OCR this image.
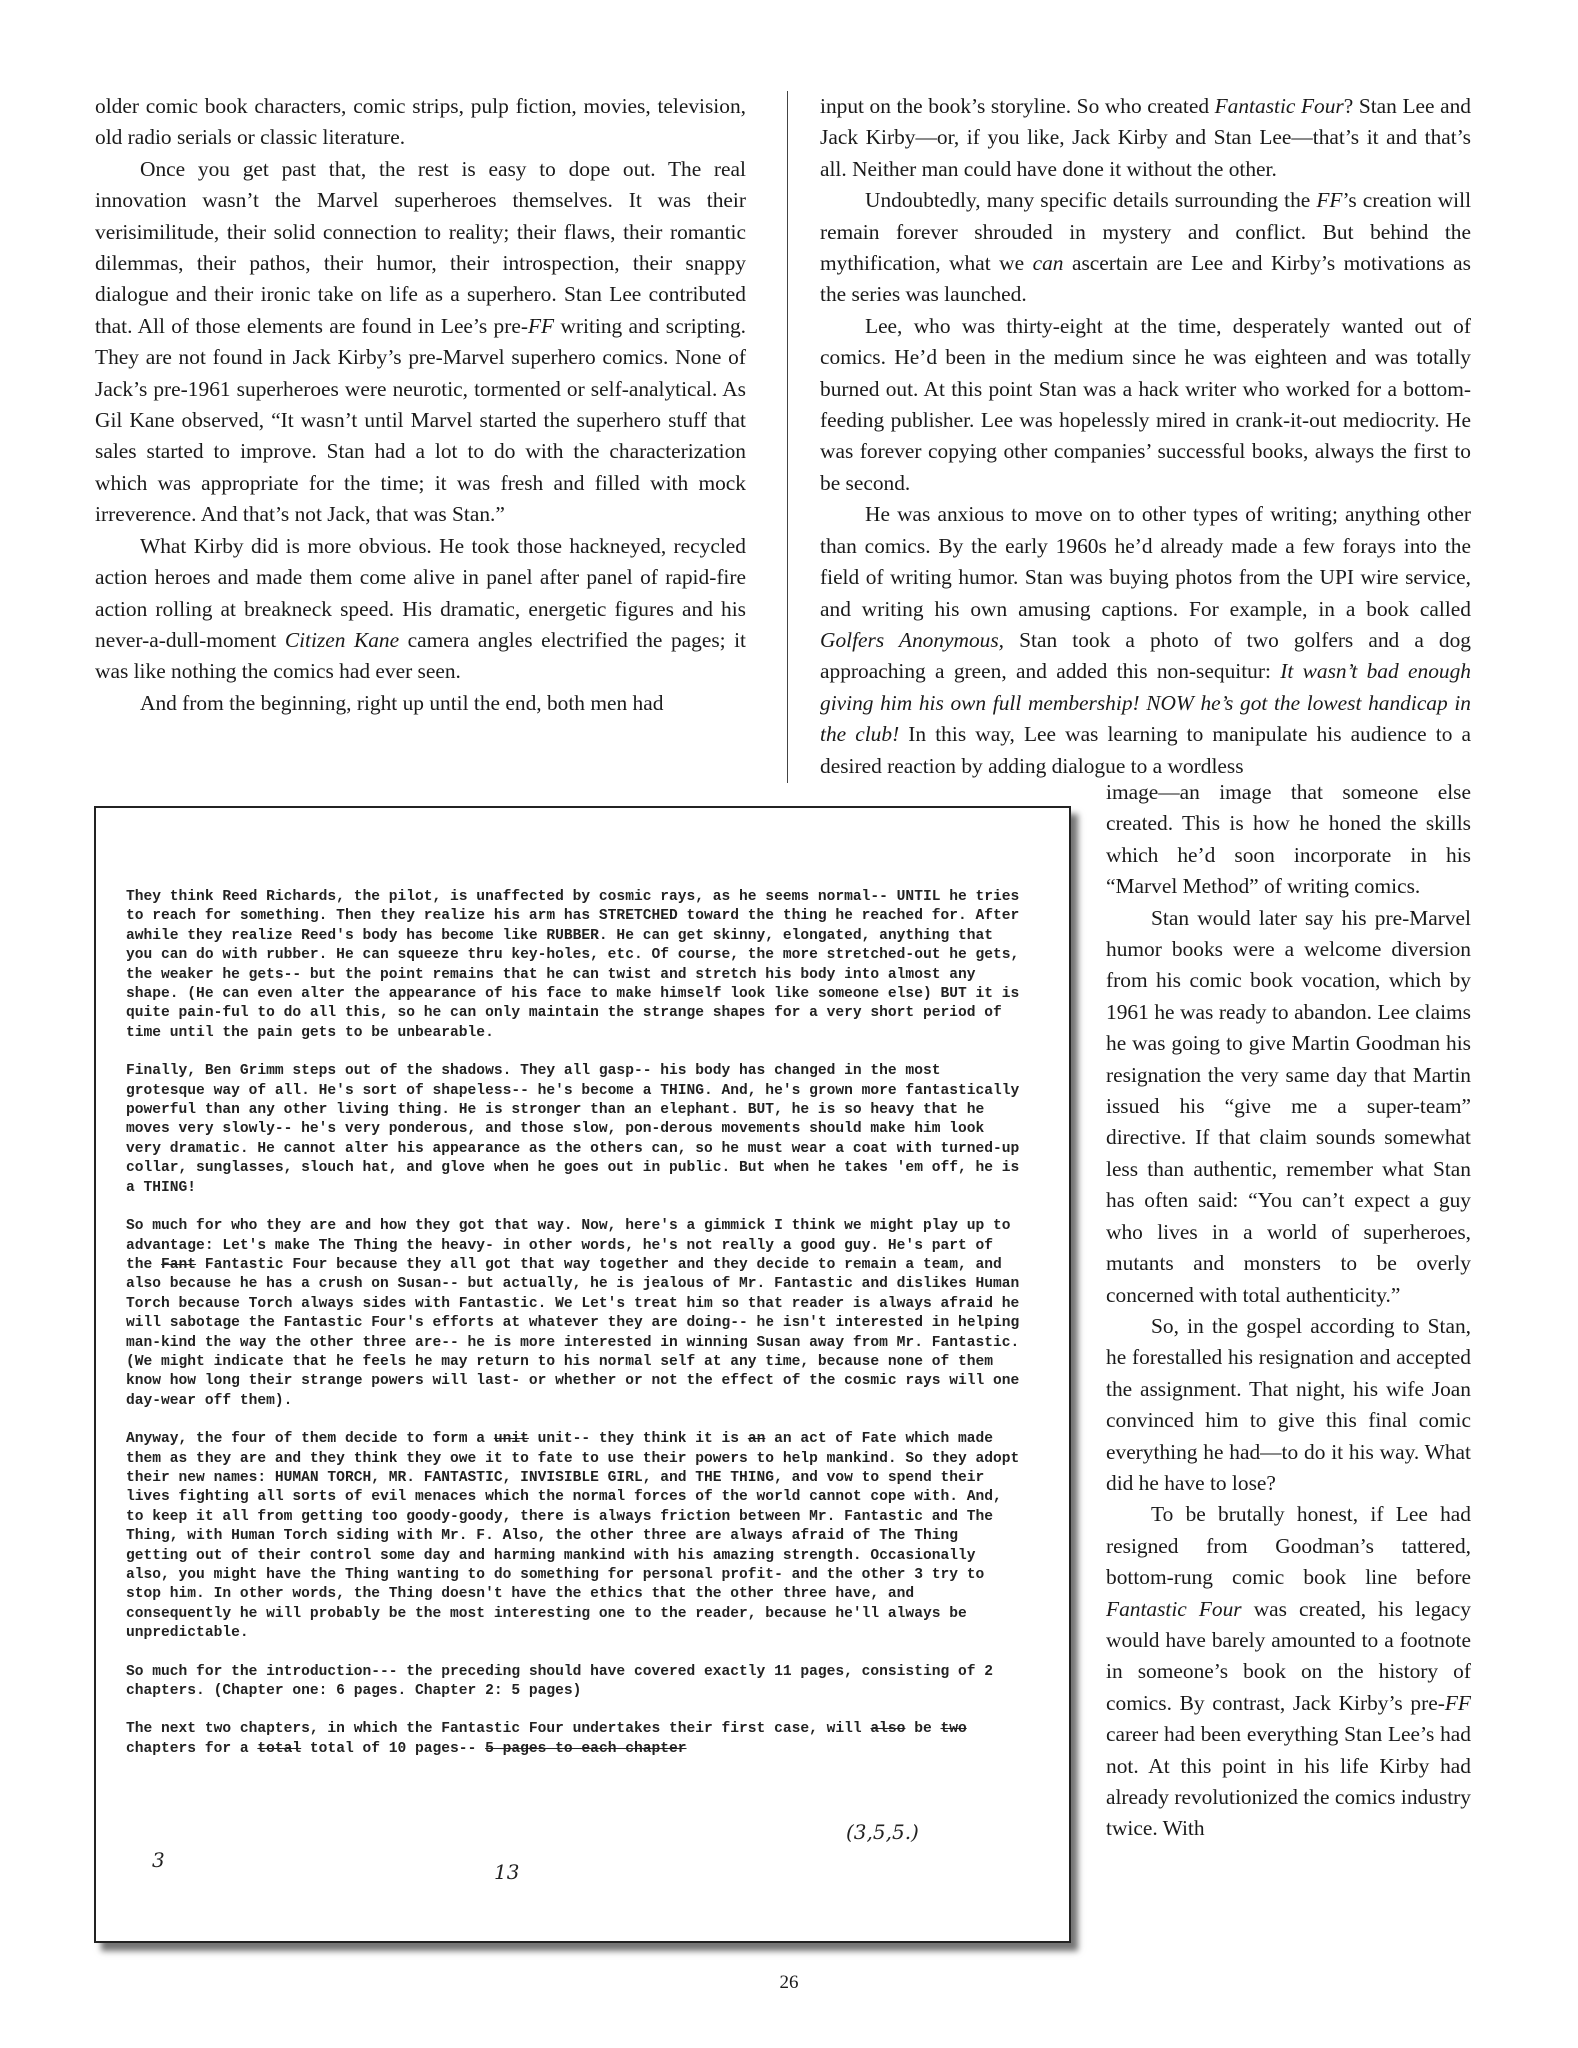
older comic book characters, comic strips, pulp fiction, movies, television, old radio serials or classic literature.

Once you get past that, the rest is easy to dope out. The real innovation wasn’t the Marvel superheroes themselves. It was their verisimilitude, their solid connection to reality; their flaws, their romantic dilemmas, their pathos, their humor, their introspection, their snappy dialogue and their ironic take on life as a superhero. Stan Lee contributed that. All of those elements are found in Lee’s pre-FF writing and scripting. They are not found in Jack Kirby’s pre-Marvel superhero comics. None of Jack’s pre-1961 superheroes were neurotic, tormented or self-analytical. As Gil Kane observed, “It wasn’t until Marvel started the superhero stuff that sales started to improve. Stan had a lot to do with the characterization which was appropriate for the time; it was fresh and filled with mock irreverence. And that’s not Jack, that was Stan.”

What Kirby did is more obvious. He took those hackneyed, recycled action heroes and made them come alive in panel after panel of rapid-fire action rolling at breakneck speed. His dramatic, energetic figures and his never-a-dull-moment Citizen Kane camera angles electrified the pages; it was like nothing the comics had ever seen.

And from the beginning, right up until the end, both men had

input on the book’s storyline. So who created Fantastic Four? Stan Lee and Jack Kirby—or, if you like, Jack Kirby and Stan Lee—that’s it and that’s all. Neither man could have done it without the other.

Undoubtedly, many specific details surrounding the FF’s creation will remain forever shrouded in mystery and conflict. But behind the mythification, what we can ascertain are Lee and Kirby’s motivations as the series was launched.

Lee, who was thirty-eight at the time, desperately wanted out of comics. He’d been in the medium since he was eighteen and was totally burned out. At this point Stan was a hack writer who worked for a bottom-feeding publisher. Lee was hopelessly mired in crank-it-out mediocrity. He was forever copying other companies’ successful books, always the first to be second.

He was anxious to move on to other types of writing; anything other than comics. By the early 1960s he’d already made a few forays into the field of writing humor. Stan was buying photos from the UPI wire service, and writing his own amusing captions. For example, in a book called Golfers Anonymous, Stan took a photo of two golfers and a dog approaching a green, and added this non-sequitur: It wasn’t bad enough giving him his own full membership! NOW he’s got the lowest handicap in the club! In this way, Lee was learning to manipulate his audience to a desired reaction by adding dialogue to a wordless

image—an image that someone else created. This is how he honed the skills which he’d soon incorporate in his “Marvel Method” of writing comics.

Stan would later say his pre-Marvel humor books were a welcome diversion from his comic book vocation, which by 1961 he was ready to abandon. Lee claims he was going to give Martin Goodman his resignation the very same day that Martin issued his “give me a super-team” directive. If that claim sounds somewhat less than authentic, remember what Stan has often said: “You can’t expect a guy who lives in a world of superheroes, mutants and monsters to be overly concerned with total authenticity.”

So, in the gospel according to Stan, he forestalled his resignation and accepted the assignment. That night, his wife Joan convinced him to give this final comic everything he had—to do it his way. What did he have to lose?

To be brutally honest, if Lee had resigned from Goodman’s tattered, bottom-rung comic book line before Fantastic Four was created, his legacy would have barely amounted to a footnote in someone’s book on the history of comics. By contrast, Jack Kirby’s pre-FF career had been everything Stan Lee’s had not. At this point in his life Kirby had already revolutionized the comics industry twice. With

They think Reed Richards, the pilot, is unaffected by cosmic rays, as he seems normal-- UNTIL he tries to reach for something. Then they realize his arm has STRETCHED toward the thing he reached for. After awhile they realize Reed's body has become like RUBBER. He can get skinny, elongated, anything that you can do with rubber. He can squeeze thru key-holes, etc. Of course, the more stretched-out he gets, the weaker he gets-- but the point remains that he can twist and stretch his body into almost any shape. (He can even alter the appearance of his face to make himself look like someone else) BUT it is quite pain-ful to do all this, so he can only maintain the strange shapes for a very short period of time until the pain gets to be unbearable.

Finally, Ben Grimm steps out of the shadows. They all gasp-- his body has changed in the most grotesque way of all. He's sort of shapeless-- he's become a THING. And, he's grown more fantastically powerful than any other living thing. He is stronger than an elephant. BUT, he is so heavy that he moves very slowly-- he's very ponderous, and those slow, pon-derous movements should make him look very dramatic. He cannot alter his appearance as the others can, so he must wear a coat with turned-up collar, sunglasses, slouch hat, and glove when he goes out in public. But when he takes 'em off, he is a THING!

So much for who they are and how they got that way. Now, here's a gimmick I think we might play up to advantage: Let's make The Thing the heavy- in other words, he's not really a good guy. He's part of the Fant Fantastic Four because they all got that way together and they decide to remain a team, and also because he has a crush on Susan-- but actually, he is jealous of Mr. Fantastic and dislikes Human Torch because Torch always sides with Fantastic. We Let's treat him so that reader is always afraid he will sabotage the Fantastic Four's efforts at whatever they are doing-- he isn't interested in helping man-kind the way the other three are-- he is more interested in winning Susan away from Mr. Fantastic. (We might indicate that he feels he may return to his normal self at any time, because none of them know how long their strange powers will last- or whether or not the effect of the cosmic rays will one day-wear off them).

Anyway, the four of them decide to form a unit unit-- they think it is an an act of Fate which made them as they are and they think they owe it to fate to use their powers to help mankind. So they adopt their new names: HUMAN TORCH, MR. FANTASTIC, INVISIBLE GIRL, and THE THING, and vow to spend their lives fighting all sorts of evil menaces which the normal forces of the world cannot cope with. And, to keep it all from getting too goody-goody, there is always friction between Mr. Fantastic and The Thing, with Human Torch siding with Mr. F. Also, the other three are always afraid of The Thing getting out of their control some day and harming mankind with his amazing strength. Occasionally also, you might have the Thing wanting to do something for personal profit- and the other 3 try to stop him. In other words, the Thing doesn't have the ethics that the other three have, and consequently he will probably be the most interesting one to the reader, because he'll always be unpredictable.

So much for the introduction--- the preceding should have covered exactly 11 pages, consisting of 2 chapters. (Chapter one: 6 pages. Chapter 2: 5 pages)

The next two chapters, in which the Fantastic Four undertakes their first case, will also be two chapters for a total total of 10 pages-- 5 pages to each chapter

(3,5,5.)
3	13
26
